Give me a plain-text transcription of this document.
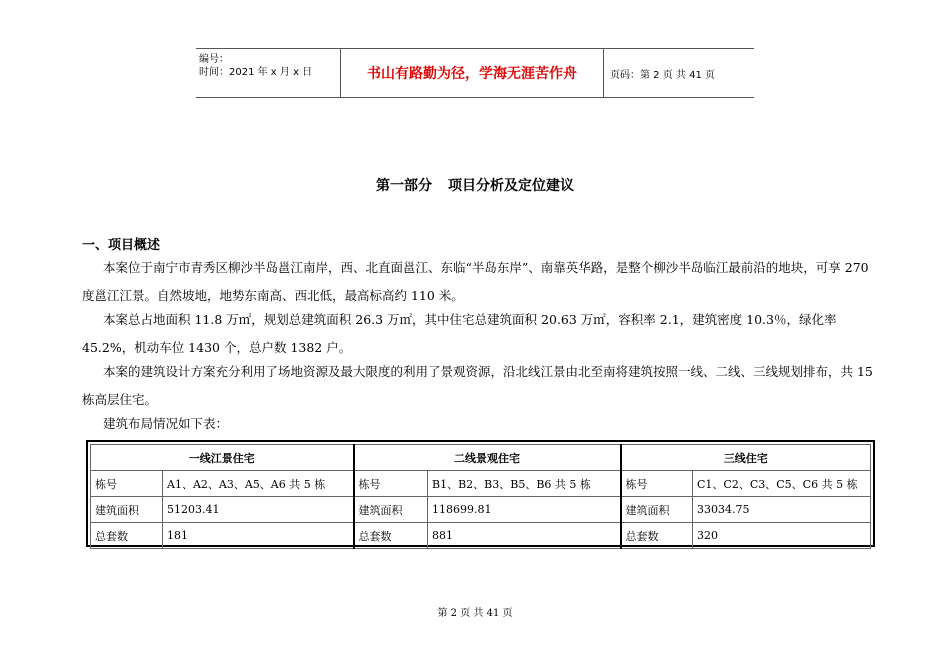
编号：
时间：2021 年 x 月 x 日	书山有路勤为径，学海无涯苦作舟	页码：第 2 页 共 41 页
第一部分 项目分析及定位建议
一、项目概述

本案位于南宁市青秀区柳沙半岛邕江南岸，西、北直面邕江、东临“半岛东岸”、南靠英华路，是整个柳沙半岛临江最前沿的地块，可享 270 度邕江江景。自然坡地，地势东南高、西北低，最高标高约 110 米。

本案总占地面积 11.8 万㎡，规划总建筑面积 26.3 万㎡，其中住宅总建筑面积 20.63 万㎡，容积率 2.1，建筑密度 10.3％，绿化率 45.2%，机动车位 1430 个，总户数 1382 户。

本案的建筑设计方案充分利用了场地资源及最大限度的利用了景观资源，沿北线江景由北至南将建筑按照一线、二线、三线规划排布，共 15 栋高层住宅。

建筑布局情况如下表：

一线江景住宅		二线景观住宅		三线住宅	
栋号	A1、A2、A3、A5、A6 共 5 栋	栋号	B1、B2、B3、B5、B6 共 5 栋	栋号	C1、C2、C3、C5、C6 共 5 栋
建筑面积	51203.41	建筑面积	118699.81	建筑面积	33034.75
总套数	181	总套数	881	总套数	320
第 2 页 共 41 页
